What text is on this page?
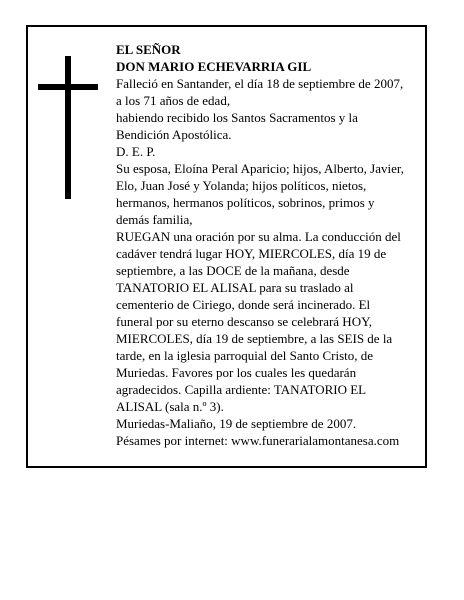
EL SEÑOR
DON MARIO ECHEVARRIA GIL
Falleció en Santander, el día 18 de septiembre de 2007,
a los 71 años de edad,
habiendo recibido los Santos Sacramentos y la
Bendición Apostólica.
D. E. P.
Su esposa, Eloína Peral Aparicio; hijos, Alberto, Javier,
Elo, Juan José y Yolanda; hijos políticos, nietos,
hermanos, hermanos políticos, sobrinos, primos y
demás familia,
RUEGAN una oración por su alma. La conducción del
cadáver tendrá lugar HOY, MIERCOLES, día 19 de
septiembre, a las DOCE de la mañana, desde
TANATORIO EL ALISAL para su traslado al
cementerio de Ciriego, donde será incinerado. El
funeral por su eterno descanso se celebrará HOY,
MIERCOLES, día 19 de septiembre, a las SEIS de la
tarde, en la iglesia parroquial del Santo Cristo, de
Muriedas. Favores por los cuales les quedarán
agradecidos. Capilla ardiente: TANATORIO EL
ALISAL (sala n.º 3).
Muriedas-Maliaño, 19 de septiembre de 2007.
Pésames por internet: www.funerarialamontanesa.com
